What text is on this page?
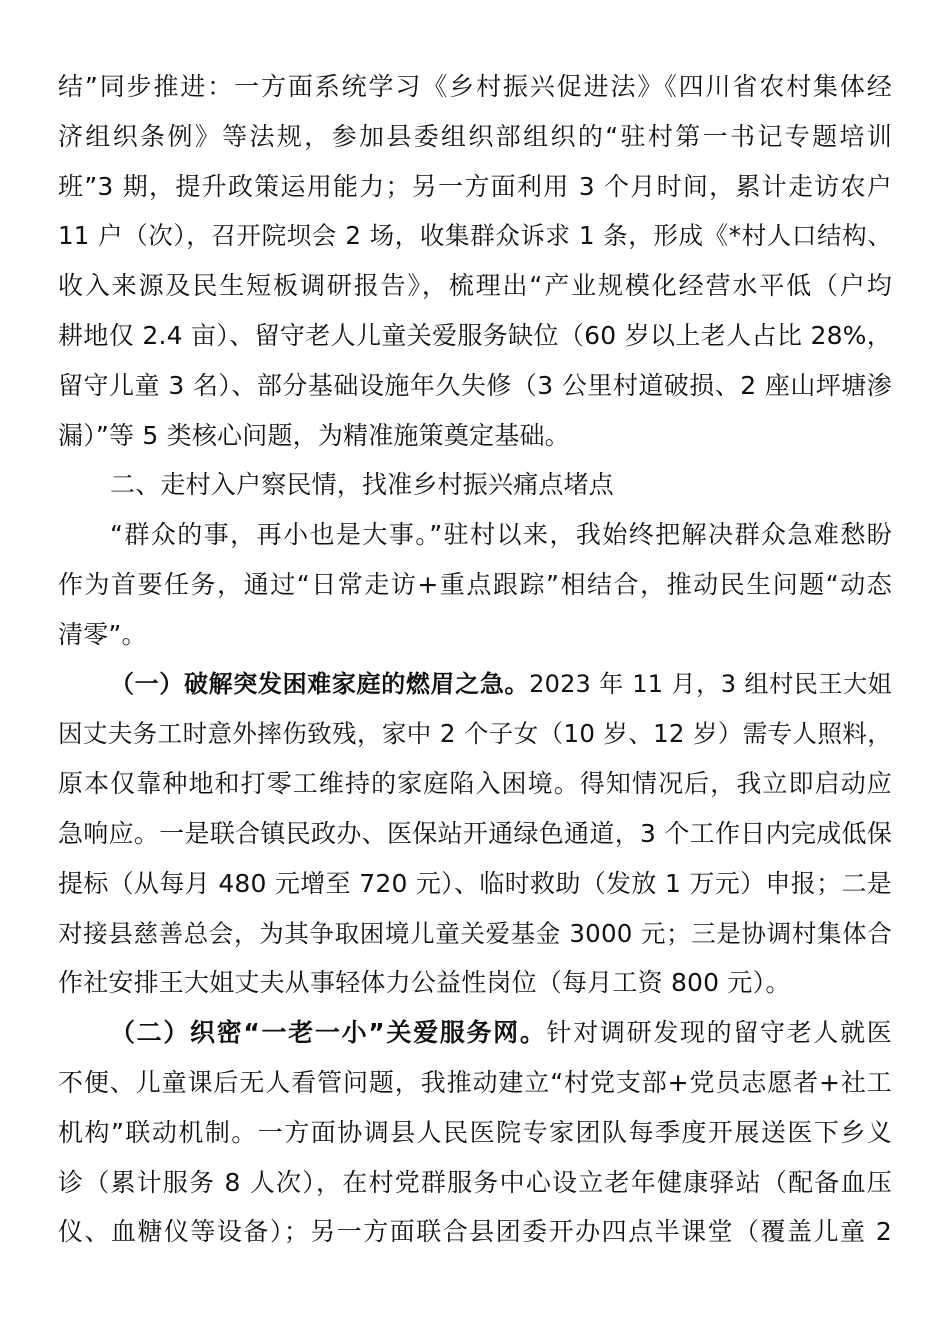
结”同步推进：一方面系统学习《乡村振兴促进法》《四川省农村集体经
济组织条例》等法规，参加县委组织部组织的“驻村第一书记专题培训
班”3 期，提升政策运用能力；另一方面利用 3 个月时间，累计走访农户
11 户（次），召开院坝会 2 场，收集群众诉求 1 条，形成《*村人口结构、
收入来源及民生短板调研报告》，梳理出“产业规模化经营水平低（户均
耕地仅 2.4 亩）、留守老人儿童关爱服务缺位（60 岁以上老人占比 28%，
留守儿童 3 名）、部分基础设施年久失修（3 公里村道破损、2 座山坪塘渗
漏）”等 5 类核心问题，为精准施策奠定基础。
二、走村入户察民情，找准乡村振兴痛点堵点
“群众的事，再小也是大事。”驻村以来，我始终把解决群众急难愁盼
作为首要任务，通过“日常走访+重点跟踪”相结合，推动民生问题“动态
清零”。
（一）破解突发困难家庭的燃眉之急。2023 年 11 月，3 组村民王大姐
因丈夫务工时意外摔伤致残，家中 2 个子女（10 岁、12 岁）需专人照料，
原本仅靠种地和打零工维持的家庭陷入困境。得知情况后，我立即启动应
急响应。一是联合镇民政办、医保站开通绿色通道，3 个工作日内完成低保
提标（从每月 480 元增至 720 元）、临时救助（发放 1 万元）申报；二是
对接县慈善总会，为其争取困境儿童关爱基金 3000 元；三是协调村集体合
作社安排王大姐丈夫从事轻体力公益性岗位（每月工资 800 元）。
（二）织密“一老一小”关爱服务网。针对调研发现的留守老人就医
不便、儿童课后无人看管问题，我推动建立“村党支部+党员志愿者+社工
机构”联动机制。一方面协调县人民医院专家团队每季度开展送医下乡义
诊（累计服务 8 人次），在村党群服务中心设立老年健康驿站（配备血压
仪、血糖仪等设备）；另一方面联合县团委开办四点半课堂（覆盖儿童 2
